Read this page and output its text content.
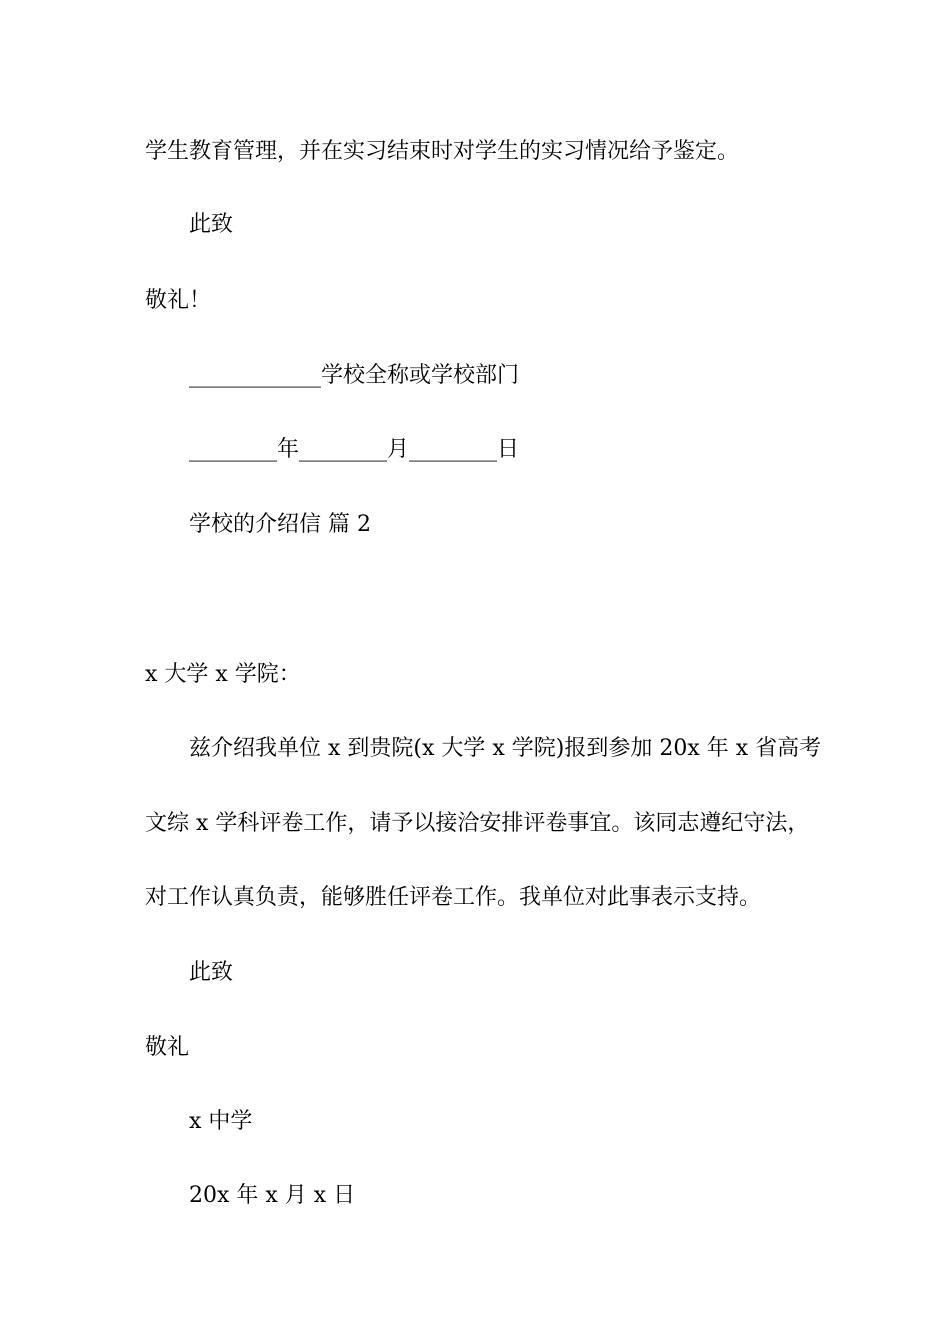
学生教育管理，并在实习结束时对学生的实习情况给予鉴定。
此致
敬礼！
____________学校全称或学校部门
________年________月________日
学校的介绍信 篇 2
x 大学 x 学院：
兹介绍我单位 x 到贵院(x 大学 x 学院)报到参加 20x 年 x 省高考
文综 x 学科评卷工作，请予以接洽安排评卷事宜。该同志遵纪守法，
对工作认真负责，能够胜任评卷工作。我单位对此事表示支持。
此致
敬礼
x 中学
20x 年 x 月 x 日
